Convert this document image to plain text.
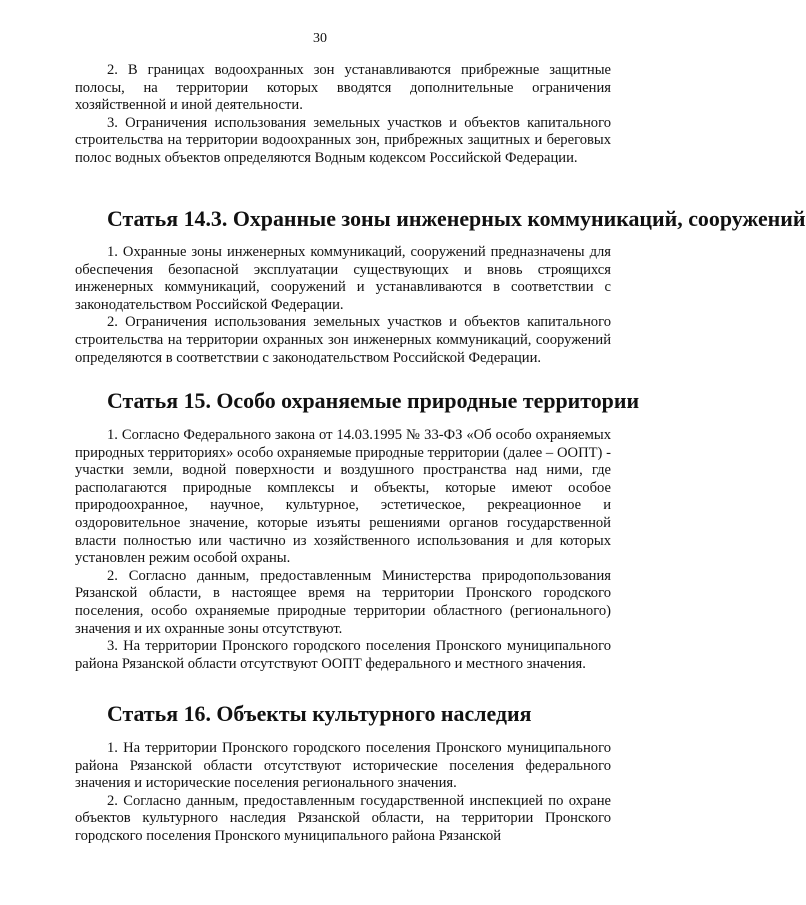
30

2. В границах водоохранных зон устанавливаются прибрежные защитные полосы, на территории которых вводятся дополнительные ограничения хозяйственной и иной деятельности.

3. Ограничения использования земельных участков и объектов капитального строительства на территории водоохранных зон, прибрежных защитных и береговых полос водных объектов определяются Водным кодексом Российской Федерации.

Статья 14.3. Охранные зоны инженерных коммуникаций, сооружений

1. Охранные зоны инженерных коммуникаций, сооружений предназначены для обеспечения безопасной эксплуатации существующих и вновь строящихся инженерных коммуникаций, сооружений и устанавливаются в соответствии с законодательством Российской Федерации.

2. Ограничения использования земельных участков и объектов капитального строительства на территории охранных зон инженерных коммуникаций, сооружений определяются в соответствии с законодательством Российской Федерации.

Статья 15. Особо охраняемые природные территории

1. Согласно Федерального закона от 14.03.1995 № 33-ФЗ «Об особо охраняемых природных территориях» особо охраняемые природные территории (далее – ООПТ) - участки земли, водной поверхности и воздушного пространства над ними, где располагаются природные комплексы и объекты, которые имеют особое природоохранное, научное, культурное, эстетическое, рекреационное и оздоровительное значение, которые изъяты решениями органов государственной власти полностью или частично из хозяйственного использования и для которых установлен режим особой охраны.

2. Согласно данным, предоставленным Министерства природопользования Рязанской области, в настоящее время на территории Пронского городского поселения, особо охраняемые природные территории областного (регионального) значения и их охранные зоны отсутствуют.

3. На территории Пронского городского поселения Пронского муниципального района Рязанской области отсутствуют ООПТ федерального и местного значения.

Статья 16. Объекты культурного наследия

1. На территории Пронского городского поселения Пронского муниципального района Рязанской области отсутствуют исторические поселения федерального значения и исторические поселения регионального значения.

2. Согласно данным, предоставленным государственной инспекцией по охране объектов культурного наследия Рязанской области, на территории Пронского городского поселения Пронского муниципального района Рязанской
